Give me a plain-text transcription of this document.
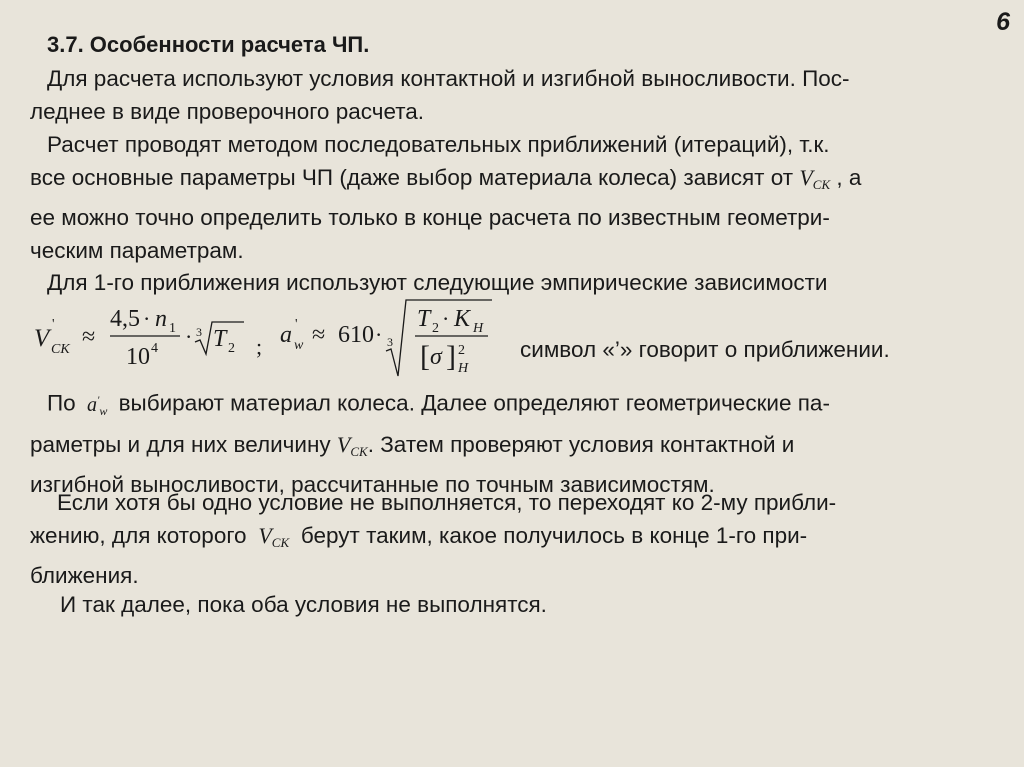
6
3.7. Особенности расчета ЧП.

Для расчета используют условия контактной и изгибной выносливости. Пос-
леднее в виде проверочного расчета.

Расчет проводят методом последовательных приближений (итераций), т.к.
все основные параметры ЧП (даже выбор материала колеса) зависят от $V_{CK}$ , а
ее можно точно определить только в конце расчета по известным геометри-
ческим параметрам.

Для 1-го приближения используют следующие эмпирические зависимости

V
'
CK ≈
4,5 · n 1
10 4 · 3 T 2 ; a '
w ≈ 610 · 3
T 2 · K H
[ σ ] 2
H
символ «’» говорит о приближении.

По $a'_w$ выбирают материал колеса. Далее определяют геометрические па-
раметры и для них величину $V_{CK}$. Затем проверяют условия контактной и
изгибной выносливости, рассчитанные по точным зависимостям.

Если хотя бы одно условие не выполняется, то переходят ко 2-му прибли-
жению, для которого $V_{CK}$ берут таким, какое получилось в конце 1-го при-
ближения.

И так далее, пока оба условия не выполнятся.
